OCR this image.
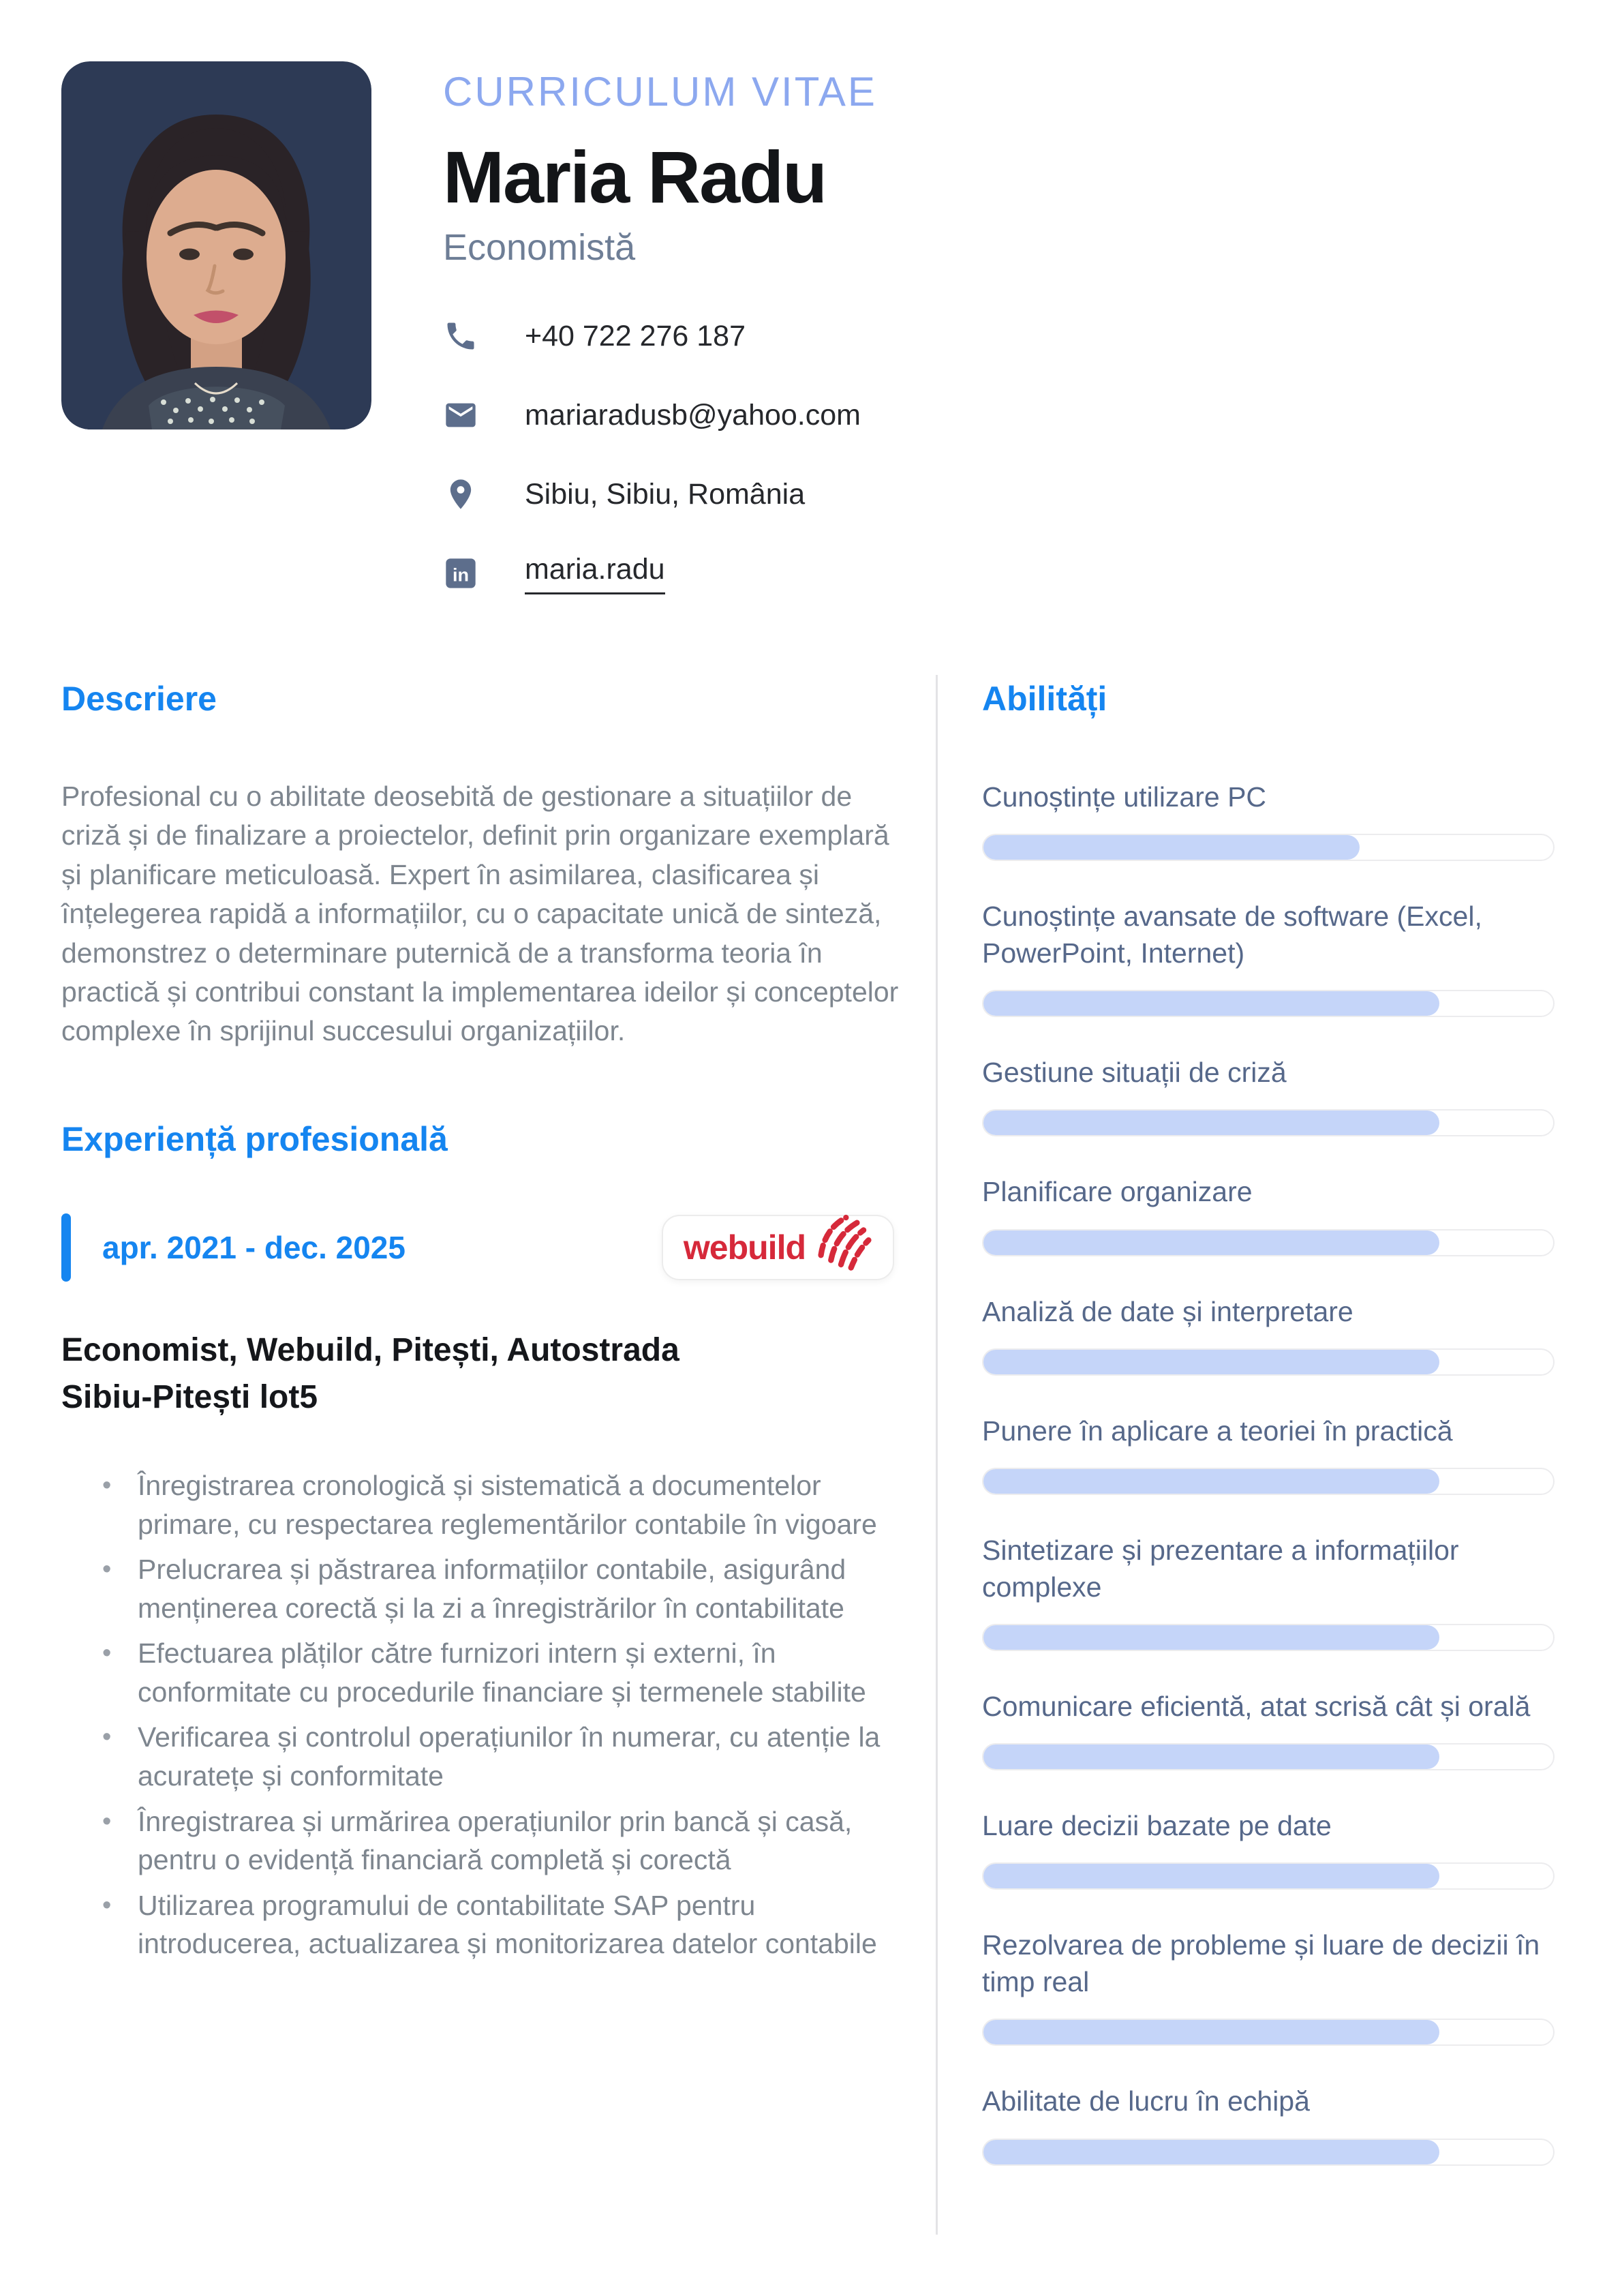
CURRICULUM VITAE
Maria Radu
Economistă
+40 722 276 187
mariaradusb@yahoo.com
Sibiu, Sibiu, România
in maria.radu
Descriere

Profesional cu o abilitate deosebită de gestionare a situațiilor de criză și de finalizare a proiectelor, definit prin organizare exemplară și planificare meticuloasă. Expert în asimilarea, clasificarea și înțelegerea rapidă a informațiilor, cu o capacitate unică de sinteză, demonstrez o determinare puternică de a transforma teoria în practică și contribui constant la implementarea ideilor și conceptelor complexe în sprijinul succesului organizațiilor.

Experiență profesională
apr. 2021 - dec. 2025	webuild
Economist, Webuild, Pitești, Autostrada Sibiu-Pitești lot5
• Înregistrarea cronologică și sistematică a documentelor primare, cu respectarea reglementărilor contabile în vigoare
• Prelucrarea și păstrarea informațiilor contabile, asigurând menținerea corectă și la zi a înregistrărilor în contabilitate
• Efectuarea plăților către furnizori intern și externi, în conformitate cu procedurile financiare și termenele stabilite
• Verificarea și controlul operațiunilor în numerar, cu atenție la acuratețe și conformitate
• Înregistrarea și urmărirea operațiunilor prin bancă și casă, pentru o evidență financiară completă și corectă
• Utilizarea programului de contabilitate SAP pentru introducerea, actualizarea și monitorizarea datelor contabile
Abilități
Cunoștințe utilizare PC
Cunoștințe avansate de software (Excel, PowerPoint, Internet)
Gestiune situații de criză
Planificare organizare
Analiză de date și interpretare
Punere în aplicare a teoriei în practică
Sintetizare și prezentare a informațiilor complexe
Comunicare eficientă, atat scrisă cât și orală
Luare decizii bazate pe date
Rezolvarea de probleme și luare de decizii în timp real
Abilitate de lucru în echipă
